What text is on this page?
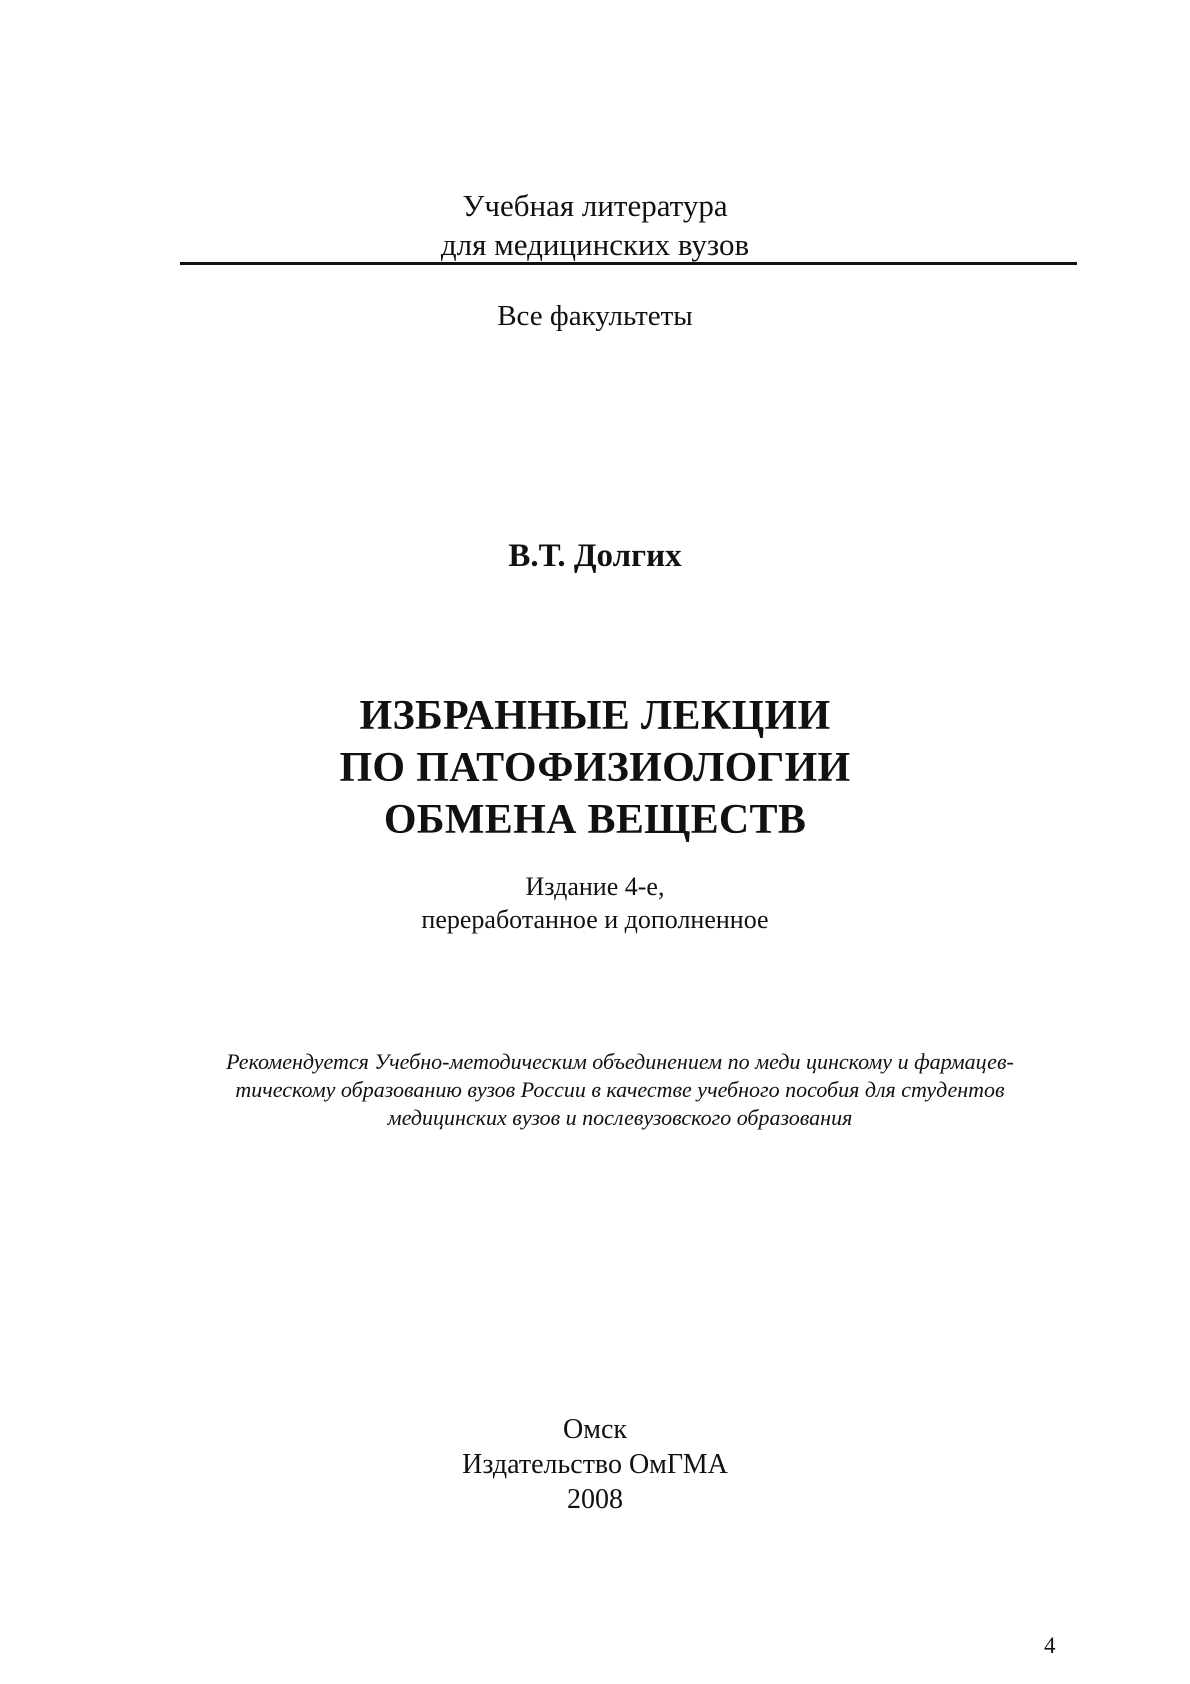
Учебная литература
для медицинских вузов
Все факультеты
В.Т. Долгих
ИЗБРАННЫЕ ЛЕКЦИИ
ПО ПАТОФИЗИОЛОГИИ
ОБМЕНА ВЕЩЕСТВ
Издание 4-е,
переработанное и дополненное
Рекомендуется Учебно-методическим объединением по меди цинскому и фармацев-
тическому образованию вузов России в качестве учебного пособия для студентов
медицинских вузов и послевузовского образования
Омск
Издательство ОмГМА
2008
4
